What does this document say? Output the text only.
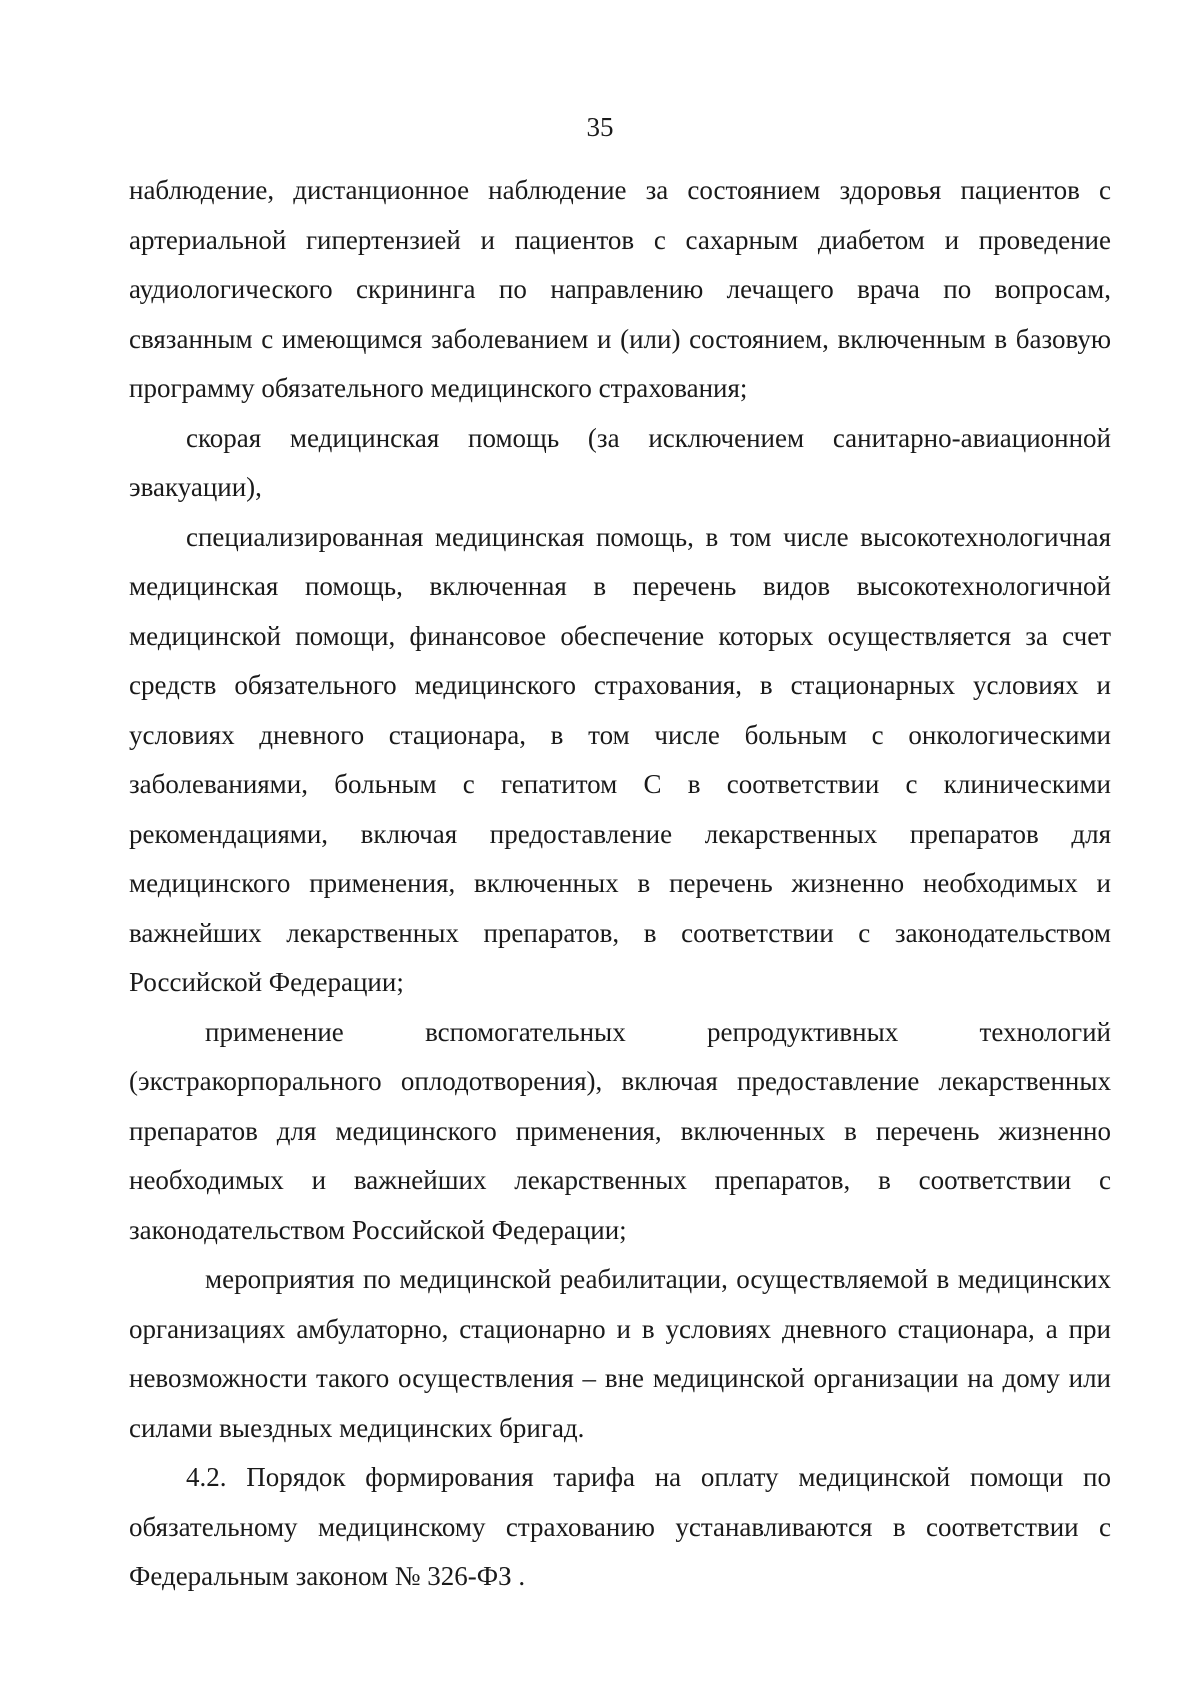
35

наблюдение, дистанционное наблюдение за состоянием здоровья пациентов с артериальной гипертензией и пациентов с сахарным диабетом и проведение аудиологического скрининга по направлению лечащего врача по вопросам, связанным с имеющимся заболеванием и (или) состоянием, включенным в базовую программу обязательного медицинского страхования;

скорая медицинская помощь (за исключением санитарно-авиационной эвакуации),

специализированная медицинская помощь, в том числе высокотехнологичная медицинская помощь, включенная в перечень видов высокотехнологичной медицинской помощи, финансовое обеспечение которых осуществляется за счет средств обязательного медицинского страхования, в стационарных условиях и условиях дневного стационара, в том числе больным с онкологическими заболеваниями, больным с гепатитом С в соответствии с клиническими рекомендациями, включая предоставление лекарственных препаратов для медицинского применения, включенных в перечень жизненно необходимых и важнейших лекарственных препаратов, в соответствии с законодательством Российской Федерации;

применение вспомогательных репродуктивных технологий (экстракорпорального оплодотворения), включая предоставление лекарственных препаратов для медицинского применения, включенных в перечень жизненно необходимых и важнейших лекарственных препаратов, в соответствии с законодательством Российской Федерации;

мероприятия по медицинской реабилитации, осуществляемой в медицинских организациях амбулаторно, стационарно и в условиях дневного стационара, а при невозможности такого осуществления – вне медицинской организации на дому или силами выездных медицинских бригад.

4.2. Порядок формирования тарифа на оплату медицинской помощи по обязательному медицинскому страхованию устанавливаются в соответствии с Федеральным законом № 326-ФЗ .
